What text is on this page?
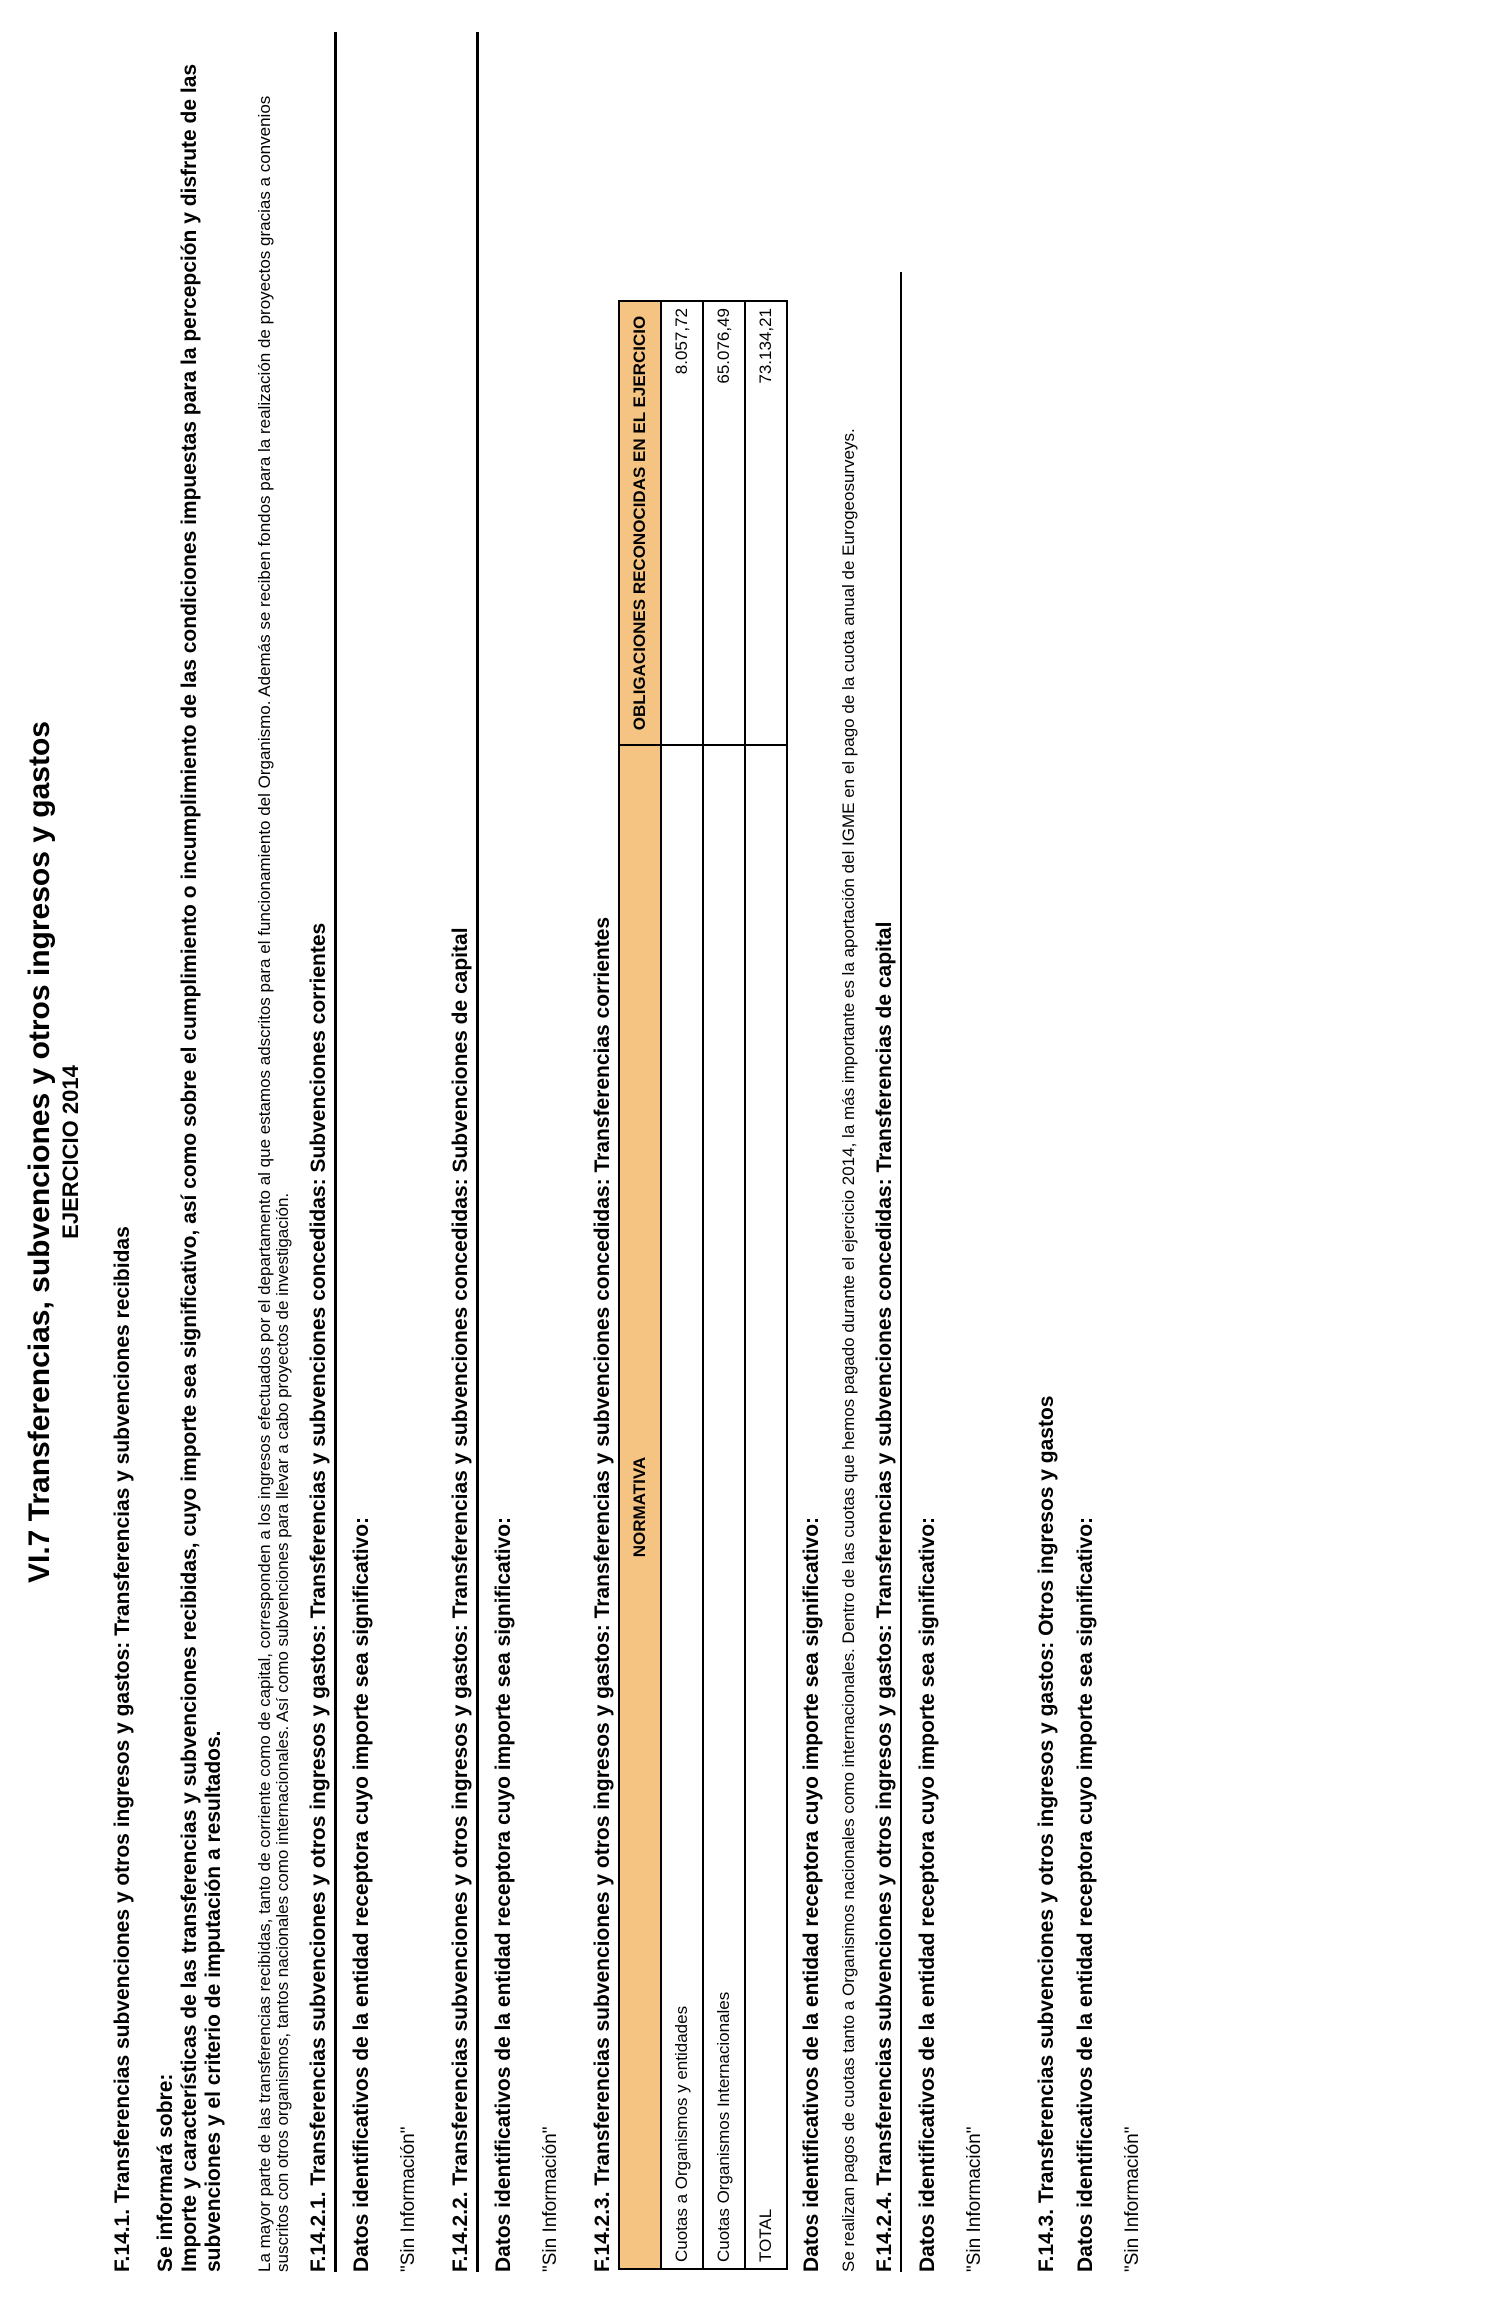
VI.7 Transferencias, subvenciones y otros ingresos y gastos EJERCICIO 2014
F.14.1. Transferencias subvenciones y otros ingresos y gastos: Transferencias y subvenciones recibidas Se informará sobre: Importe y características de las transferencias y subvenciones recibidas, cuyo importe sea significativo, así como sobre el cumplimiento o incumplimiento de las condiciones impuestas para la percepción y disfrute de las subvenciones y el criterio de imputación a resultados. La mayor parte de las transferencias recibidas, tanto de corriente como de capital, corresponden a los ingresos efectuados por el departamento al que estamos adscritos para el funcionamiento del Organismo. Además se reciben fondos para la realización de proyectos gracias a convenios suscritos con otros organismos, tantos nacionales como internacionales. Así como subvenciones para llevar a cabo proyectos de investigación. F.14.2.1. Transferencias subvenciones y otros ingresos y gastos: Transferencias y subvenciones concedidas: Subvenciones corrientes Datos identificativos de la entidad receptora cuyo importe sea significativo: "Sin Información" F.14.2.2. Transferencias subvenciones y otros ingresos y gastos: Transferencias y subvenciones concedidas: Subvenciones de capital Datos identificativos de la entidad receptora cuyo importe sea significativo: "Sin Información" F.14.2.3. Transferencias subvenciones y otros ingresos y gastos: Transferencias y subvenciones concedidas: Transferencias corrientes NORMATIVA	OBLIGACIONES RECONOCIDAS EN EL EJERCICIO
Cuotas a Organismos y entidades	8.057,72
Cuotas Organismos Internacionales	65.076,49
TOTAL	73.134,21
Datos identificativos de la entidad receptora cuyo importe sea significativo: Se realizan pagos de cuotas tanto a Organismos nacionales como internacionales. Dentro de las cuotas que hemos pagado durante el ejercicio 2014, la más importante es la aportación del IGME en el pago de la cuota anual de Eurogeosurveys. F.14.2.4. Transferencias subvenciones y otros ingresos y gastos: Transferencias y subvenciones concedidas: Transferencias de capital Datos identificativos de la entidad receptora cuyo importe sea significativo: "Sin Información" F.14.3. Transferencias subvenciones y otros ingresos y gastos: Otros ingresos y gastos Datos identificativos de la entidad receptora cuyo importe sea significativo: "Sin Información"
